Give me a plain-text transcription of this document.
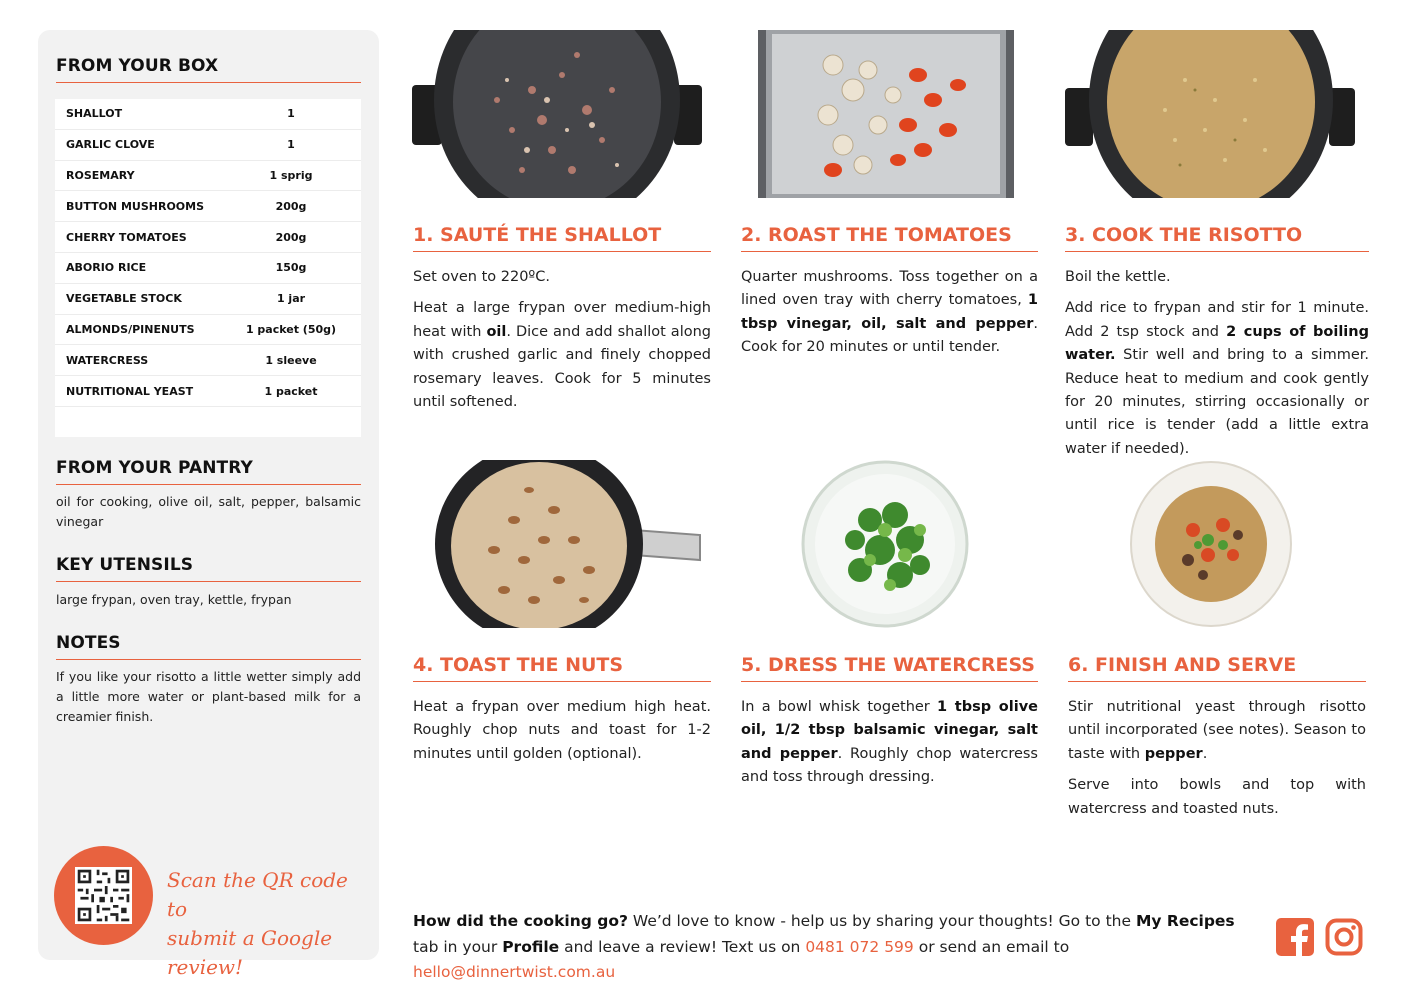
FROM YOUR BOX
SHALLOT	1
GARLIC CLOVE	1
ROSEMARY	1 sprig
BUTTON MUSHROOMS	200g
CHERRY TOMATOES	200g
ABORIO RICE	150g
VEGETABLE STOCK	1 jar
ALMONDS/PINENUTS	1 packet (50g)
WATERCRESS	1 sleeve
NUTRITIONAL YEAST	1 packet
FROM YOUR PANTRY
oil for cooking, olive oil, salt, pepper, balsamic vinegar
KEY UTENSILS
large frypan, oven tray, kettle, frypan
NOTES
If you like your risotto a little wetter simply add a little more water or plant-based milk for a creamier finish.
Scan the QR code to
submit a Google review!
1. SAUTÉ THE SHALLOT

Set oven to 220ºC.

Heat a large frypan over medium-high heat with oil. Dice and add shallot along with crushed garlic and finely chopped rosemary leaves. Cook for 5 minutes until softened.

2. ROAST THE TOMATOES

Quarter mushrooms. Toss together on a lined oven tray with cherry tomatoes, 1 tbsp vinegar, oil, salt and pepper. Cook for 20 minutes or until tender.

3. COOK THE RISOTTO

Boil the kettle.

Add rice to frypan and stir for 1 minute. Add 2 tsp stock and 2 cups of boiling water. Stir well and bring to a simmer. Reduce heat to medium and cook gently for 20 minutes, stirring occasionally or until rice is tender (add a little extra water if needed).

4. TOAST THE NUTS

Heat a frypan over medium high heat. Roughly chop nuts and toast for 1-2 minutes until golden (optional).

5. DRESS THE WATERCRESS

In a bowl whisk together 1 tbsp olive oil, 1/2 tbsp balsamic vinegar, salt and pepper. Roughly chop watercress and toss through dressing.

6. FINISH AND SERVE

Stir nutritional yeast through risotto until incorporated (see notes). Season to taste with pepper.

Serve into bowls and top with watercress and toasted nuts.

How did the cooking go? We’d love to know - help us by sharing your thoughts! Go to the My Recipes tab in your Profile and leave a review! Text us on 0481 072 599 or send an email to hello@dinnertwist.com.au
